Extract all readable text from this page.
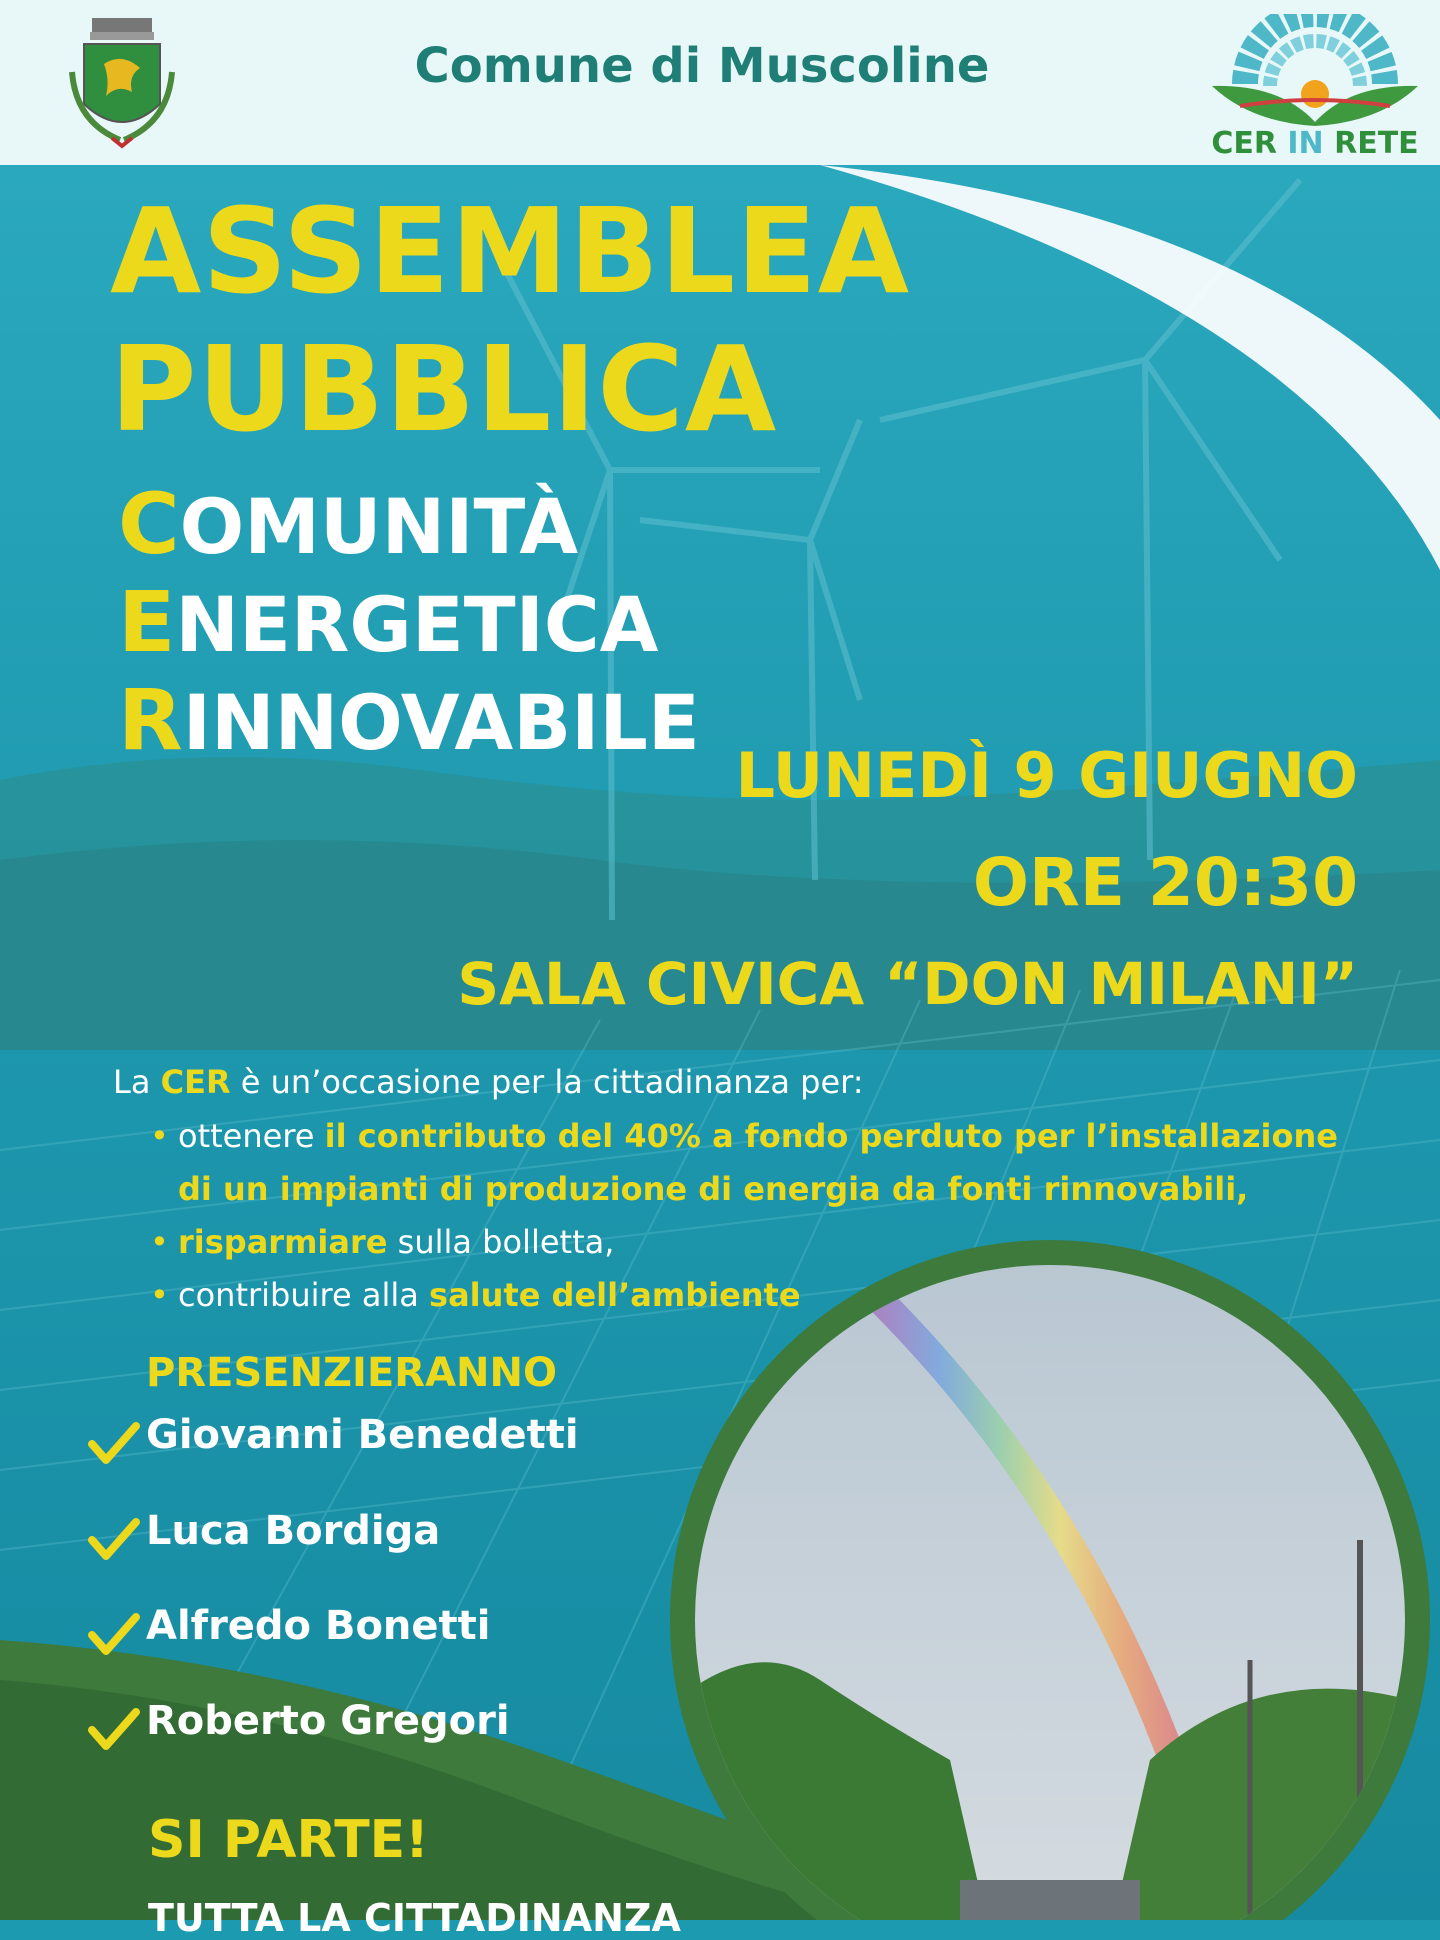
Comune di Muscoline
CER IN RETE
ASSEMBLEA
PUBBLICA
COMUNITÀ
ENERGETICA
RINNOVABILE
LUNEDÌ 9 GIUGNO
ORE 20:30
SALA CIVICA “DON MILANI”
La CER è un’occasione per la cittadinanza per:
• ottenere il contributo del 40% a fondo perduto per l’installazione
di un impianti di produzione di energia da fonti rinnovabili,
• risparmiare sulla bolletta,
• contribuire alla salute dell’ambiente
PRESENZIERANNO
Giovanni Benedetti
Luca Bordiga
Alfredo Bonetti
Roberto Gregori
SI PARTE!
TUTTA LA CITTADINANZA
